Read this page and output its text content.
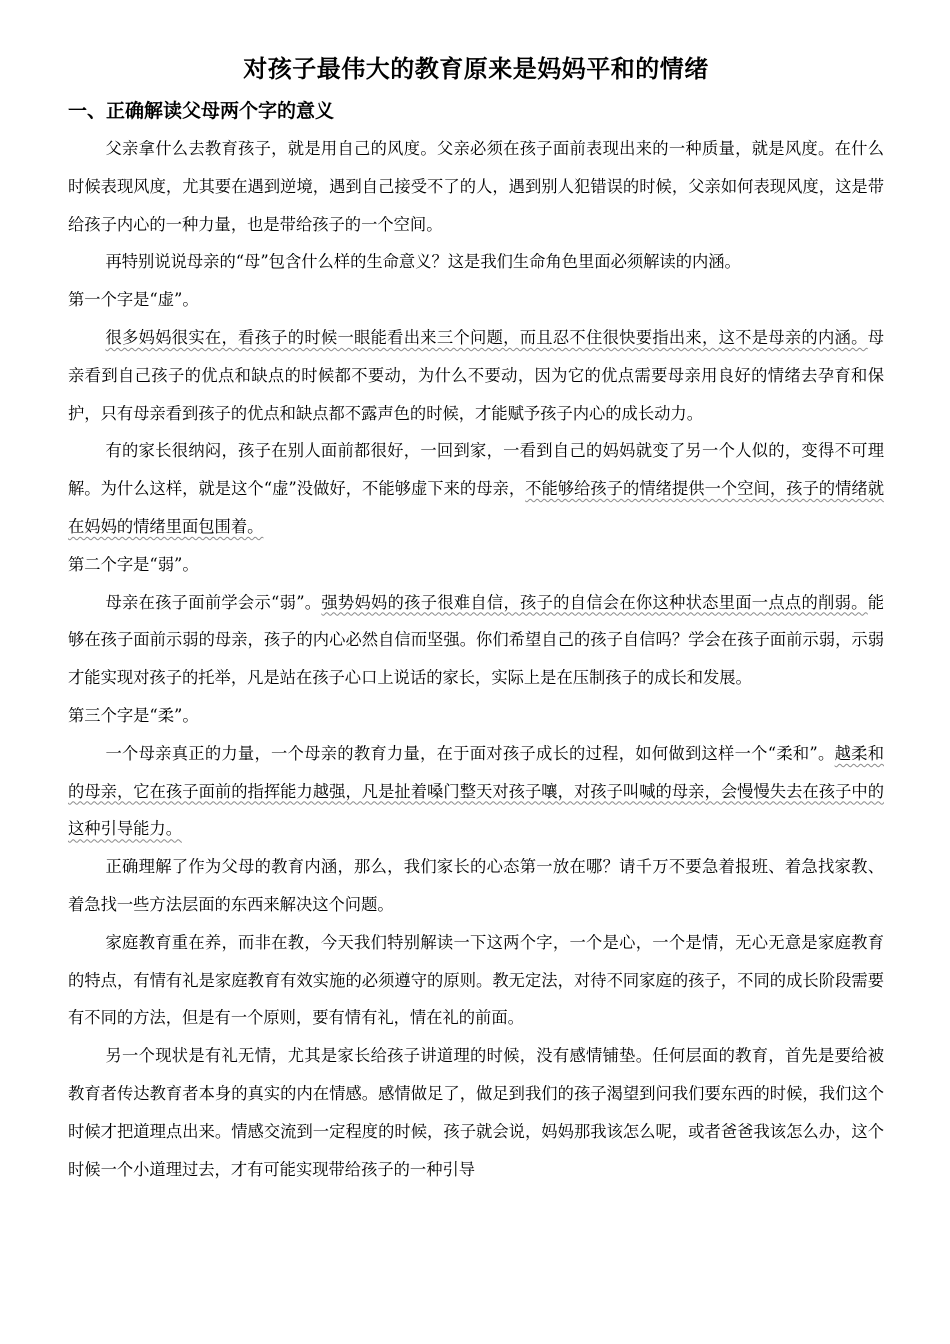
对孩子最伟大的教育原来是妈妈平和的情绪
一、正确解读父母两个字的意义

父亲拿什么去教育孩子，就是用自己的风度。父亲必须在孩子面前表现出来的一种质量，就是风度。在什么时候表现风度，尤其要在遇到逆境，遇到自己接受不了的人，遇到别人犯错误的时候，父亲如何表现风度，这是带给孩子内心的一种力量，也是带给孩子的一个空间。

再特别说说母亲的“母”包含什么样的生命意义？这是我们生命角色里面必须解读的内涵。

第一个字是“虚”。

很多妈妈很实在，看孩子的时候一眼能看出来三个问题，而且忍不住很快要指出来，这不是母亲的内涵。母亲看到自己孩子的优点和缺点的时候都不要动，为什么不要动，因为它的优点需要母亲用良好的情绪去孕育和保护，只有母亲看到孩子的优点和缺点都不露声色的时候，才能赋予孩子内心的成长动力。

有的家长很纳闷，孩子在别人面前都很好，一回到家，一看到自己的妈妈就变了另一个人似的，变得不可理解。为什么这样，就是这个“虚”没做好，不能够虚下来的母亲，不能够给孩子的情绪提供一个空间，孩子的情绪就在妈妈的情绪里面包围着。

第二个字是“弱”。

母亲在孩子面前学会示“弱”。强势妈妈的孩子很难自信，孩子的自信会在你这种状态里面一点点的削弱。能够在孩子面前示弱的母亲，孩子的内心必然自信而坚强。你们希望自己的孩子自信吗？学会在孩子面前示弱，示弱才能实现对孩子的托举，凡是站在孩子心口上说话的家长，实际上是在压制孩子的成长和发展。

第三个字是“柔”。

一个母亲真正的力量，一个母亲的教育力量，在于面对孩子成长的过程，如何做到这样一个“柔和”。越柔和的母亲，它在孩子面前的指挥能力越强，凡是扯着嗓门整天对孩子嚷，对孩子叫喊的母亲，会慢慢失去在孩子中的这种引导能力。

正确理解了作为父母的教育内涵，那么，我们家长的心态第一放在哪？请千万不要急着报班、着急找家教、着急找一些方法层面的东西来解决这个问题。

家庭教育重在养，而非在教，今天我们特别解读一下这两个字，一个是心，一个是情，无心无意是家庭教育的特点，有情有礼是家庭教育有效实施的必须遵守的原则。教无定法，对待不同家庭的孩子，不同的成长阶段需要有不同的方法，但是有一个原则，要有情有礼，情在礼的前面。

另一个现状是有礼无情，尤其是家长给孩子讲道理的时候，没有感情铺垫。任何层面的教育，首先是要给被教育者传达教育者本身的真实的内在情感。感情做足了，做足到我们的孩子渴望到问我们要东西的时候，我们这个时候才把道理点出来。情感交流到一定程度的时候，孩子就会说，妈妈那我该怎么呢，或者爸爸我该怎么办，这个时候一个小道理过去，才有可能实现带给孩子的一种引导
